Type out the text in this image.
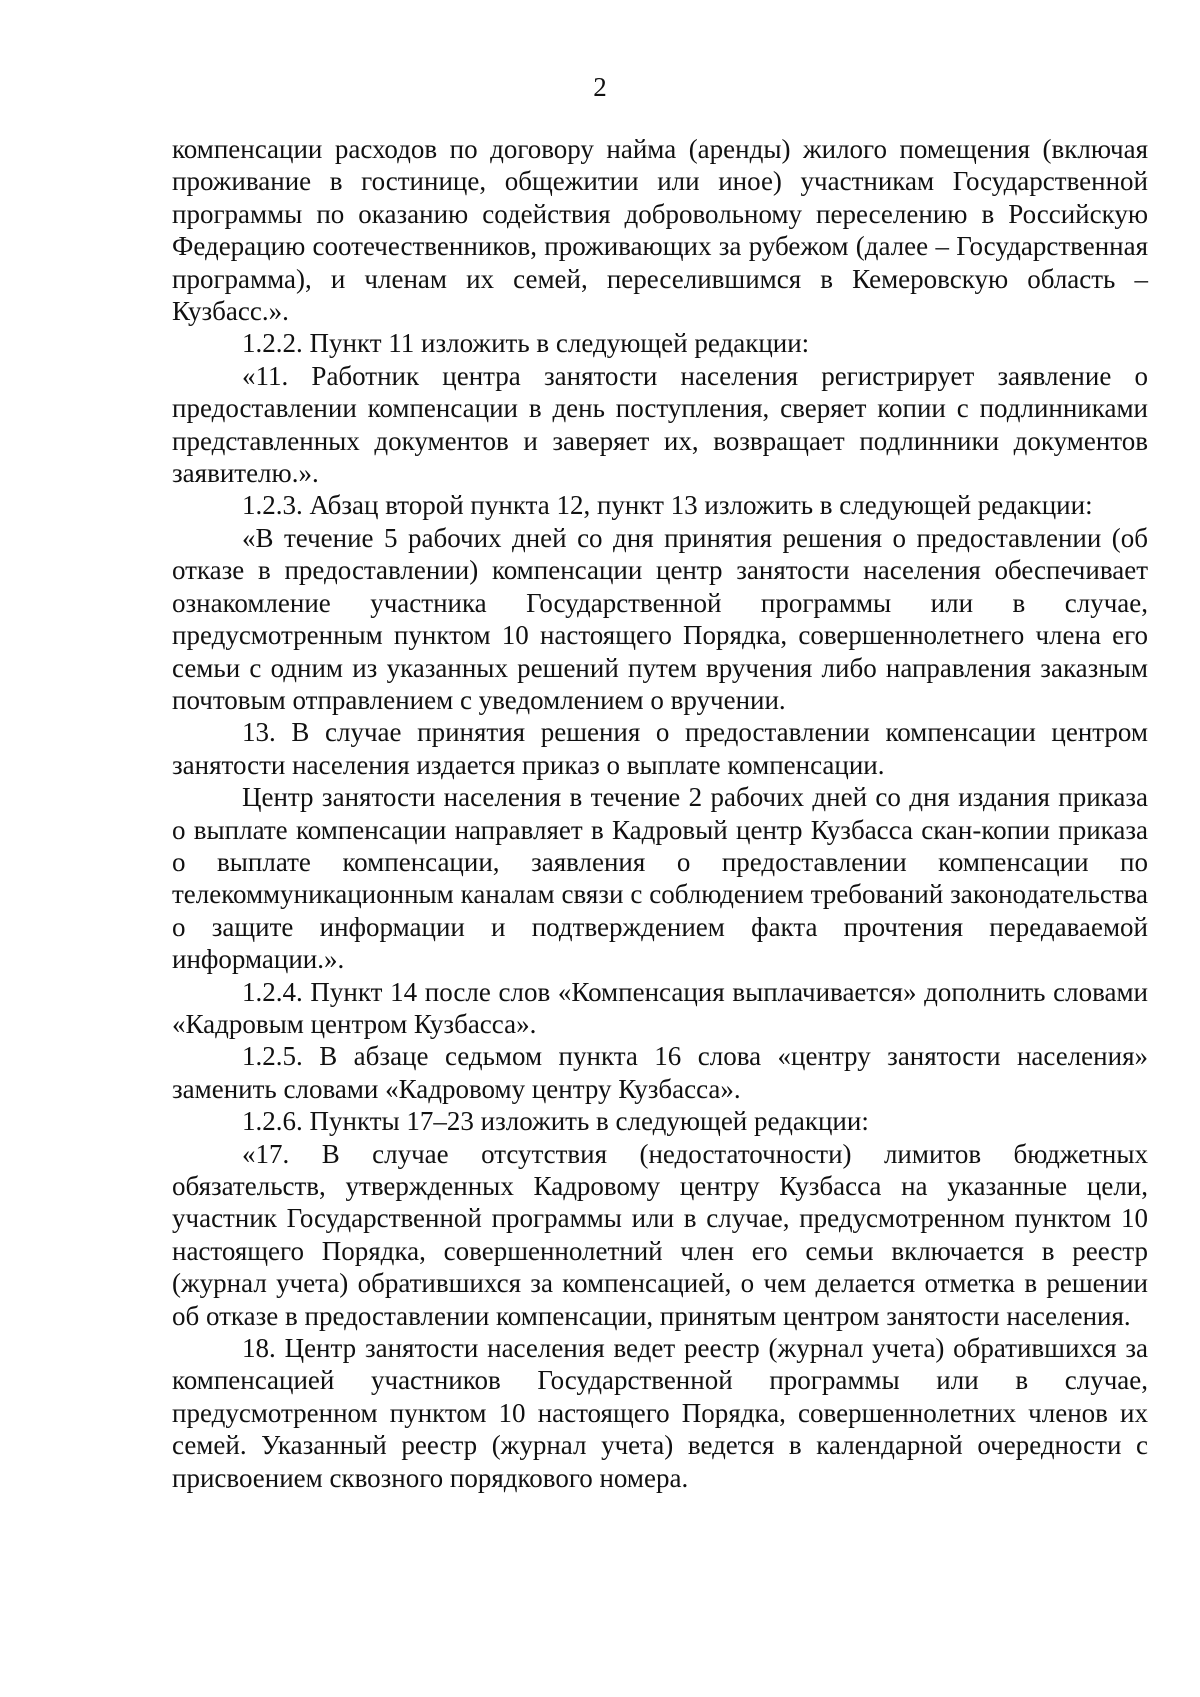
2

компенсации расходов по договору найма (аренды) жилого помещения (включая проживание в гостинице, общежитии или иное) участникам Государственной программы по оказанию содействия добровольному переселению в Российскую Федерацию соотечественников, проживающих за рубежом (далее – Государственная программа), и членам их семей, переселившимся в Кемеровскую область – Кузбасс.».

1.2.2. Пункт 11 изложить в следующей редакции:

«11. Работник центра занятости населения регистрирует заявление о предоставлении компенсации в день поступления, сверяет копии с подлинниками представленных документов и заверяет их, возвращает подлинники документов заявителю.».

1.2.3. Абзац второй пункта 12, пункт 13 изложить в следующей редакции:

«В течение 5 рабочих дней со дня принятия решения о предоставлении (об отказе в предоставлении) компенсации центр занятости населения обеспечивает ознакомление участника Государственной программы или в случае, предусмотренным пунктом 10 настоящего Порядка, совершеннолетнего члена его семьи с одним из указанных решений путем вручения либо направления заказным почтовым отправлением с уведомлением о вручении.

13. В случае принятия решения о предоставлении компенсации центром занятости населения издается приказ о выплате компенсации.

Центр занятости населения в течение 2 рабочих дней со дня издания приказа о выплате компенсации направляет в Кадровый центр Кузбасса скан-копии приказа о выплате компенсации, заявления о предоставлении компенсации по телекоммуникационным каналам связи с соблюдением требований законодательства о защите информации и подтверждением факта прочтения передаваемой информации.».

1.2.4. Пункт 14 после слов «Компенсация выплачивается» дополнить словами «Кадровым центром Кузбасса».

1.2.5. В абзаце седьмом пункта 16 слова «центру занятости населения» заменить словами «Кадровому центру Кузбасса».

1.2.6. Пункты 17–23 изложить в следующей редакции:

«17. В случае отсутствия (недостаточности) лимитов бюджетных обязательств, утвержденных Кадровому центру Кузбасса на указанные цели, участник Государственной программы или в случае, предусмотренном пунктом 10 настоящего Порядка, совершеннолетний член его семьи включается в реестр (журнал учета) обратившихся за компенсацией, о чем делается отметка в решении об отказе в предоставлении компенсации, принятым центром занятости населения.

18. Центр занятости населения ведет реестр (журнал учета) обратившихся за компенсацией участников Государственной программы или в случае, предусмотренном пунктом 10 настоящего Порядка, совершеннолетних членов их семей. Указанный реестр (журнал учета) ведется в календарной очередности с присвоением сквозного порядкового номера.
